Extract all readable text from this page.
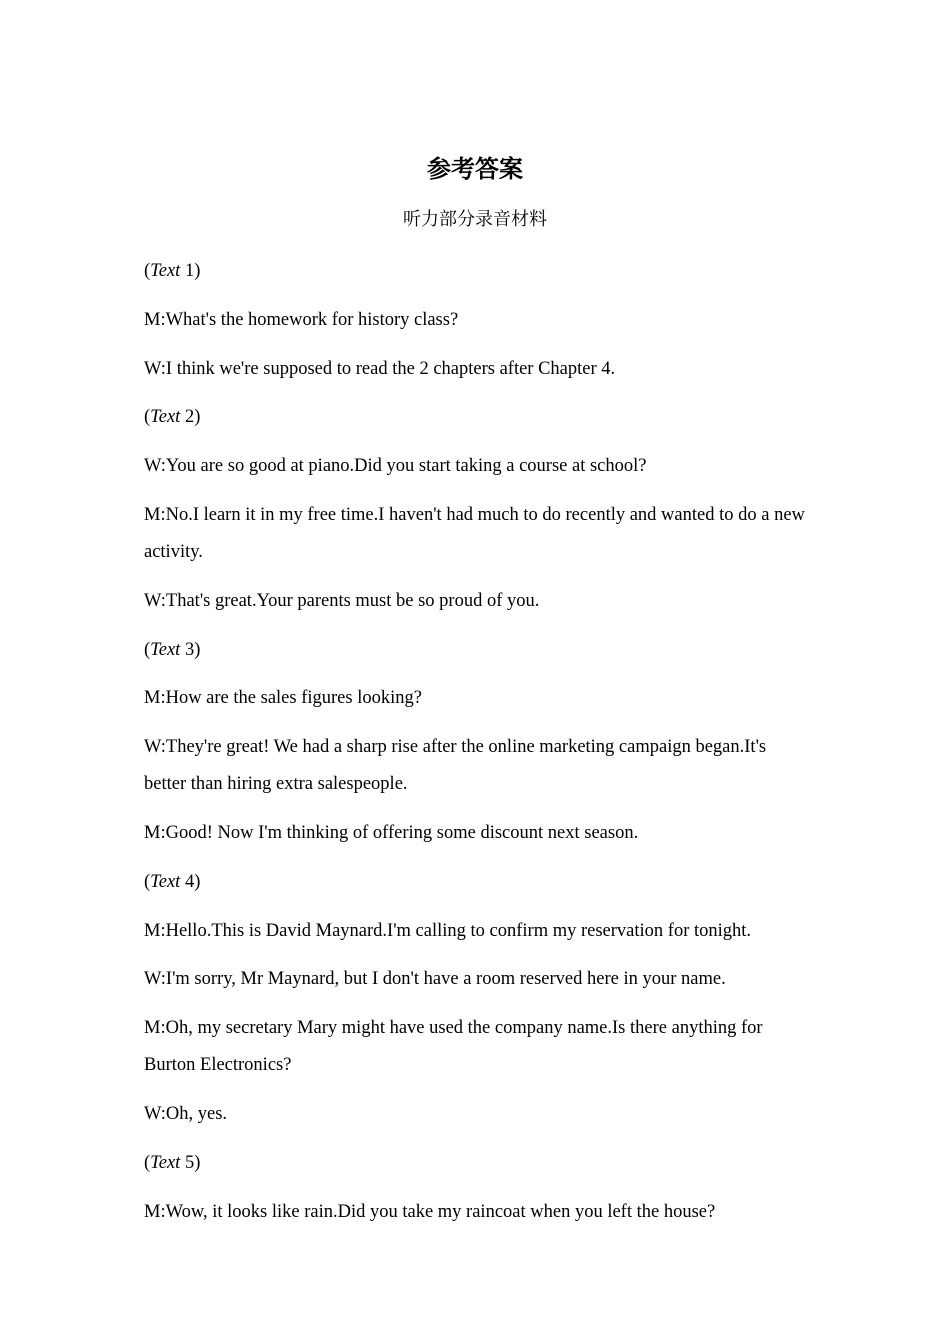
参考答案
听力部分录音材料

(Text 1)

M:What's the homework for history class?

W:I think we're supposed to read the 2 chapters after Chapter 4.

(Text 2)

W:You are so good at piano.Did you start taking a course at school?

M:No.I learn it in my free time.I haven't had much to do recently and wanted to do a new activity.

W:That's great.Your parents must be so proud of you.

(Text 3)

M:How are the sales figures looking?

W:They're great! We had a sharp rise after the online marketing campaign began.It's better than hiring extra salespeople.

M:Good! Now I'm thinking of offering some discount next season.

(Text 4)

M:Hello.This is David Maynard.I'm calling to confirm my reservation for tonight.

W:I'm sorry, Mr Maynard, but I don't have a room reserved here in your name.

M:Oh, my secretary Mary might have used the company name.Is there anything for Burton Electronics?

W:Oh, yes.

(Text 5)

M:Wow, it looks like rain.Did you take my raincoat when you left the house?
